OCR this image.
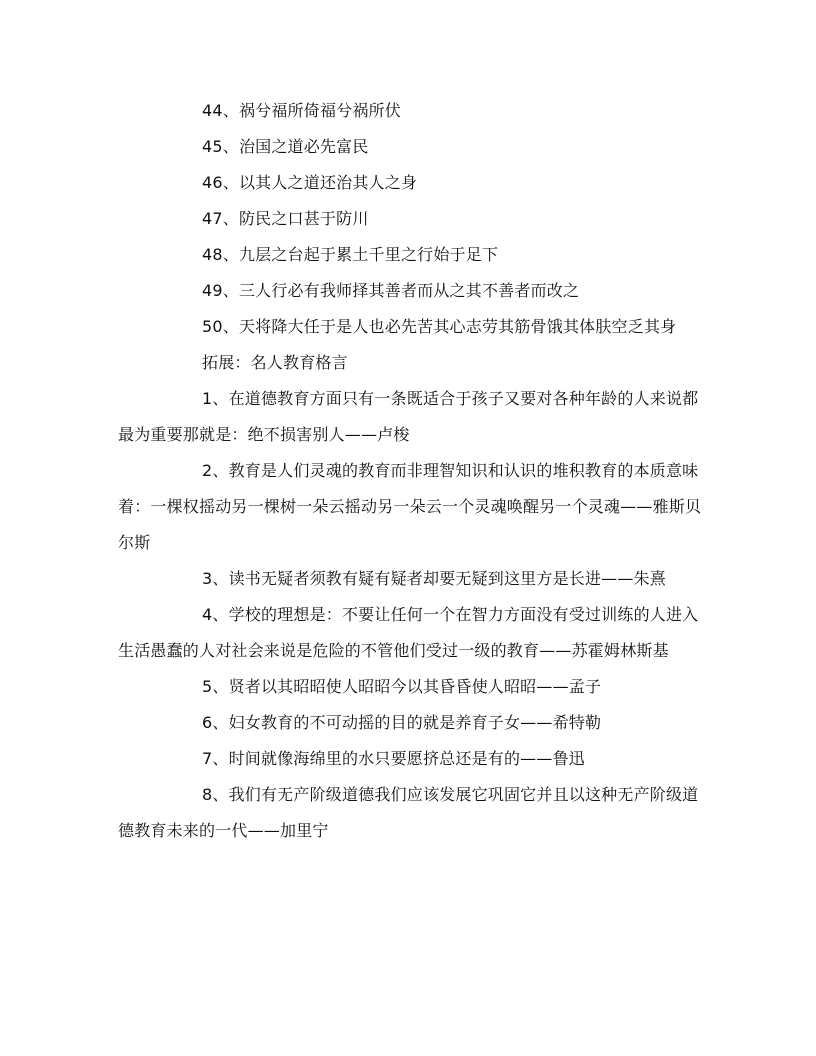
44、祸兮福所倚福兮祸所伏

45、治国之道必先富民

46、以其人之道还治其人之身

47、防民之口甚于防川

48、九层之台起于累土千里之行始于足下

49、三人行必有我师择其善者而从之其不善者而改之

50、天将降大任于是人也必先苦其心志劳其筋骨饿其体肤空乏其身

拓展：名人教育格言

1、在道德教育方面只有一条既适合于孩子又要对各种年龄的人来说都最为重要那就是：绝不损害别人——卢梭

2、教育是人们灵魂的教育而非理智知识和认识的堆积教育的本质意味着：一棵权摇动另一棵树一朵云摇动另一朵云一个灵魂唤醒另一个灵魂——雅斯贝尔斯

3、读书无疑者须教有疑有疑者却要无疑到这里方是长进——朱熹

4、学校的理想是：不要让任何一个在智力方面没有受过训练的人进入生活愚蠢的人对社会来说是危险的不管他们受过一级的教育——苏霍姆林斯基

5、贤者以其昭昭使人昭昭今以其昏昏使人昭昭——孟子

6、妇女教育的不可动摇的目的就是养育子女——希特勒

7、时间就像海绵里的水只要愿挤总还是有的——鲁迅

8、我们有无产阶级道德我们应该发展它巩固它并且以这种无产阶级道德教育未来的一代——加里宁
